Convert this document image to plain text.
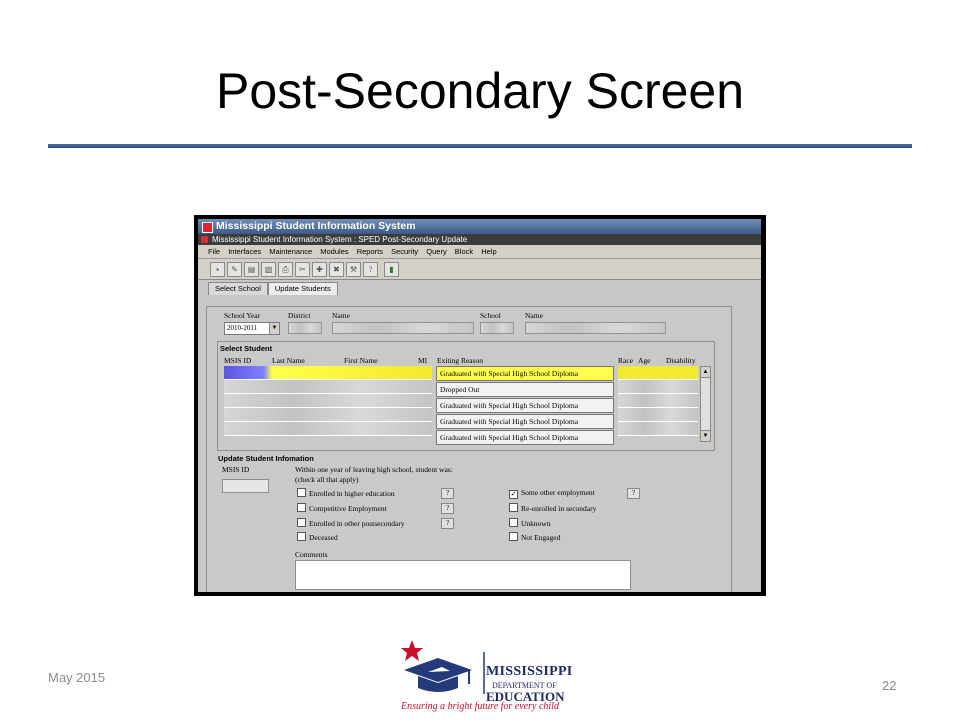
Post-Secondary Screen
Mississippi Student Information System
Mississippi Student Information System : SPED Post-Secondary Update
File Interfaces Maintenance Modules Reports Security Query Block Help
▪ ✎ ▤ ▧ ⎙ ✂ ✚ ✖ ⚒ ? ▮
Select School Update Students
School Year
2010-2011	▼
District	Name	School	Name
Select Student
MSIS ID	Last Name	First Name	MI Exiting Reason	Race Age Disability
Graduated with Special High School Diploma
Dropped Out
Graduated with Special High School Diploma
Graduated with Special High School Diploma
Graduated with Special High School Diploma
▲
▼
Update Student Infomation
MSIS ID	Within one year of leaving high school, student was:
(check all that apply)
Enrolled in higher education	?
Competitive Employment	?
Enrolled in other postsecondary	?
Deceased
✓ Some other employment	?
Re-enrolled in secondary
Unknown
Not Engaged
Comments
May 2015
22
MISSISSIPPI
DEPARTMENT OF
EDUCATION
Ensuring a bright future for every child
